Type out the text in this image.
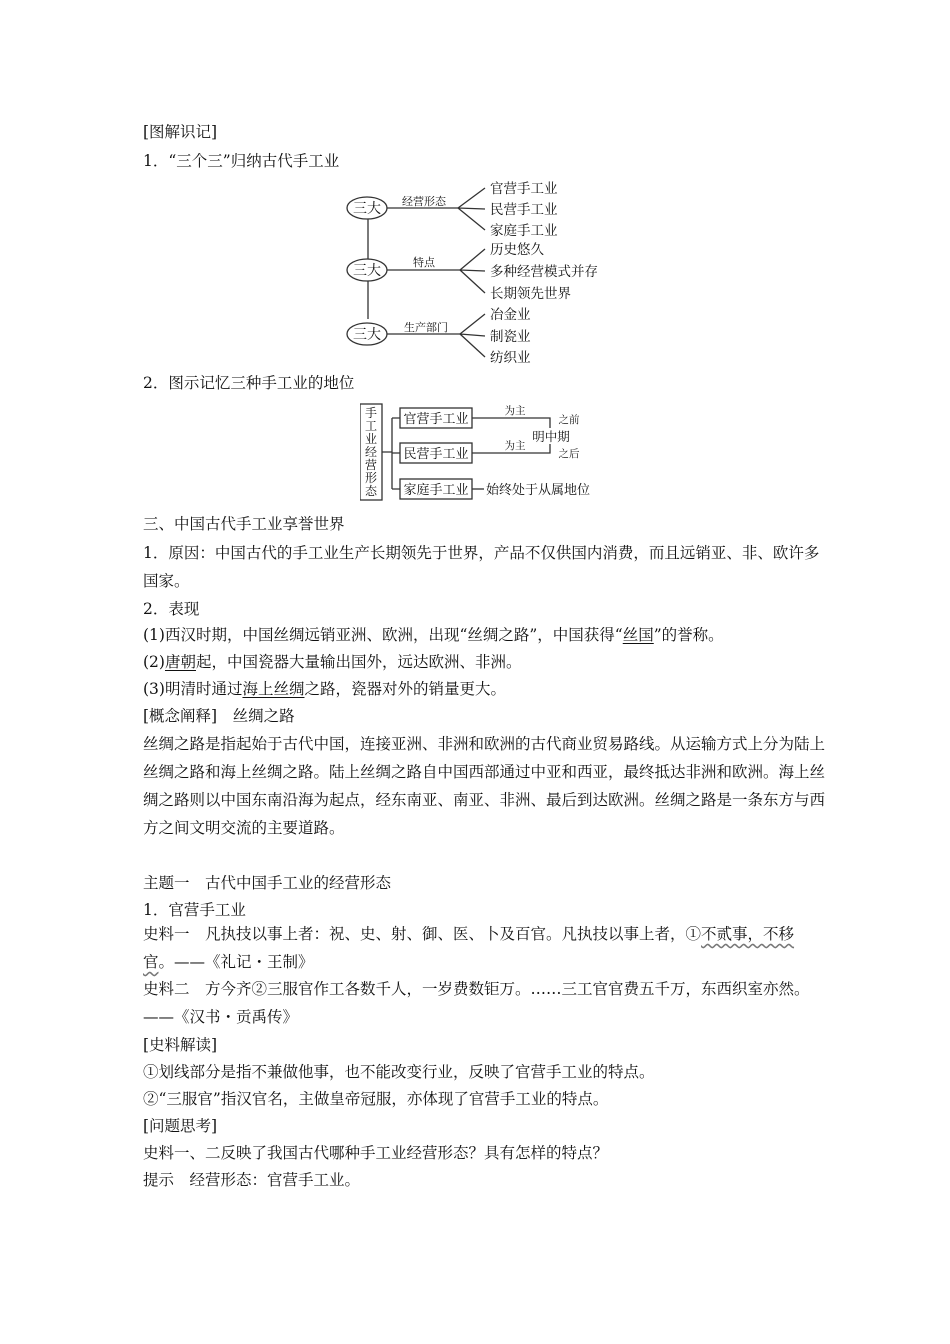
[图解识记]
1．“三个三”归纳古代手工业
三大 经营形态
官营手工业
民营手工业
家庭手工业
三大
特点
历史悠久
多种经营模式并存
长期领先世界
三大 生产部门
冶金业
制瓷业
纺织业
2．图示记忆三种手工业的地位
手
工
业
经
营
形
态
官营手工业
民营手工业
家庭手工业
为主
为主
之前
明中期
之后
始终处于从属地位
三、中国古代手工业享誉世界
1．原因：中国古代的手工业生产长期领先于世界，产品不仅供国内消费，而且远销亚、非、欧许多国家。
2．表现
(1)西汉时期，中国丝绸远销亚洲、欧洲，出现“丝绸之路”，中国获得“丝国”的誉称。
(2)唐朝起，中国瓷器大量输出国外，远达欧洲、非洲。
(3)明清时通过海上丝绸之路，瓷器对外的销量更大。
[概念阐释]　丝绸之路
丝绸之路是指起始于古代中国，连接亚洲、非洲和欧洲的古代商业贸易路线。从运输方式上分为陆上丝绸之路和海上丝绸之路。陆上丝绸之路自中国西部通过中亚和西亚，最终抵达非洲和欧洲。海上丝绸之路则以中国东南沿海为起点，经东南亚、南亚、非洲、最后到达欧洲。丝绸之路是一条东方与西方之间文明交流的主要道路。
主题一　古代中国手工业的经营形态
1．官营手工业
史料一　凡执技以事上者：祝、史、射、御、医、卜及百官。凡执技以事上者，①不贰事，不移官。——《礼记・王制》
史料二　方今齐②三服官作工各数千人，一岁费数钜万。……三工官官费五千万，东西织室亦然。——《汉书・贡禹传》
[史料解读]
①划线部分是指不兼做他事，也不能改变行业，反映了官营手工业的特点。
②“三服官”指汉官名，主做皇帝冠服，亦体现了官营手工业的特点。
[问题思考]
史料一、二反映了我国古代哪种手工业经营形态？具有怎样的特点？
提示　经营形态：官营手工业。
